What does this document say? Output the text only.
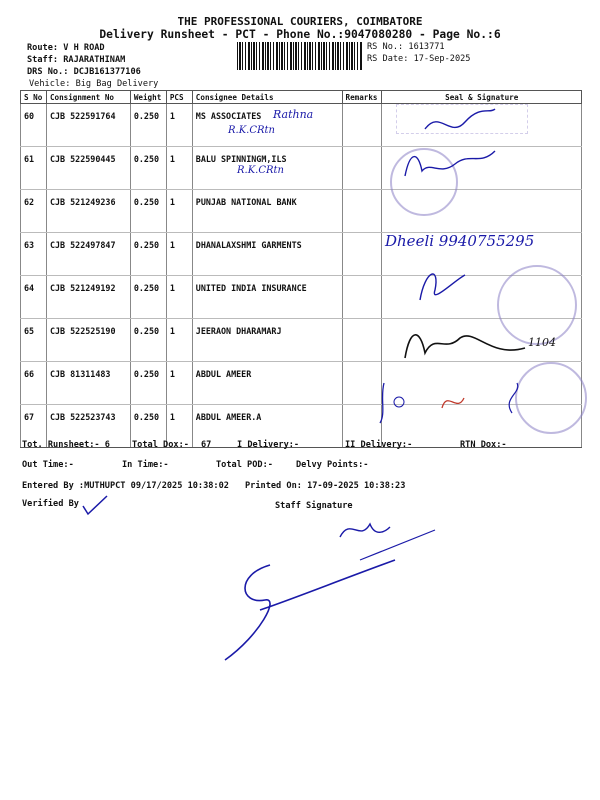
THE PROFESSIONAL COURIERS, COIMBATORE
Delivery Runsheet - PCT - Phone No.:9047080280 - Page No.:6
Route: V H ROAD
Staff: RAJARATHINAM
DRS No.: DCJB161377106
Vehicle: Big Bag Delivery
RS No.: 1613771
RS Date: 17-Sep-2025
S No	Consignment No	Weight	PCS	Consignee Details	Remarks	Seal & Signature
60	CJB 522591764	0.250	1	MS ASSOCIATES		
61	CJB 522590445	0.250	1	BALU SPINNINGM,ILS		
62	CJB 521249236	0.250	1	PUNJAB NATIONAL BANK		
63	CJB 522497847	0.250	1	DHANALAXSHMI GARMENTS		
64	CJB 521249192	0.250	1	UNITED INDIA INSURANCE		
65	CJB 522525190	0.250	1	JEERAON DHARAMARJ		
66	CJB 81311483	0.250	1	ABDUL AMEER		
67	CJB 522523743	0.250	1	ABDUL AMEER.A		
Rathna
R.K.CRtn
R.K.CRtn
Dheeli 9940755295
1104
Tot. Runsheet:- 6	Total Dox:- 67	I Delivery:-	II Delivery:-	RTN Dox:-
Out Time:-	In Time:-	Total POD:-	Delvy Points:-
Entered By :MUTHUPCT 09/17/2025 10:38:02 Printed On: 17-09-2025 10:38:23
Verified By	Staff Signature
